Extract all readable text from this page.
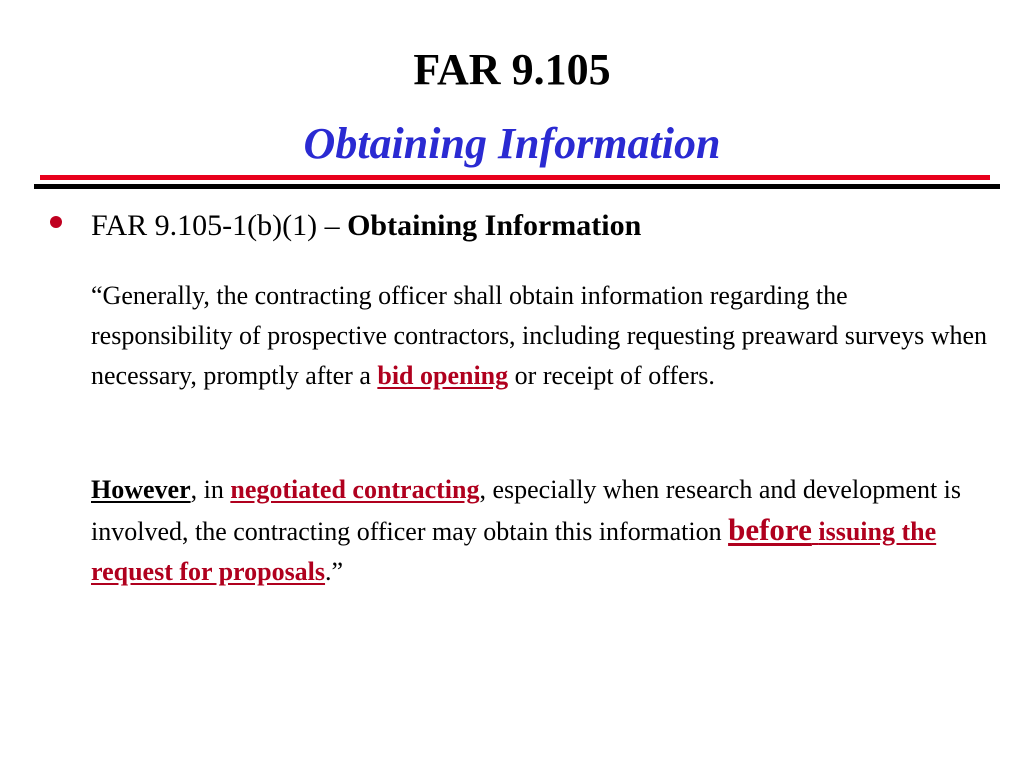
FAR 9.105
Obtaining Information
FAR 9.105-1(b)(1) – Obtaining Information

“Generally, the contracting officer shall obtain information regarding the responsibility of prospective contractors, including requesting preaward surveys when necessary, promptly after a bid opening or receipt of offers.

However, in negotiated contracting, especially when research and development is involved, the contracting officer may obtain this information before issuing the request for proposals.”
